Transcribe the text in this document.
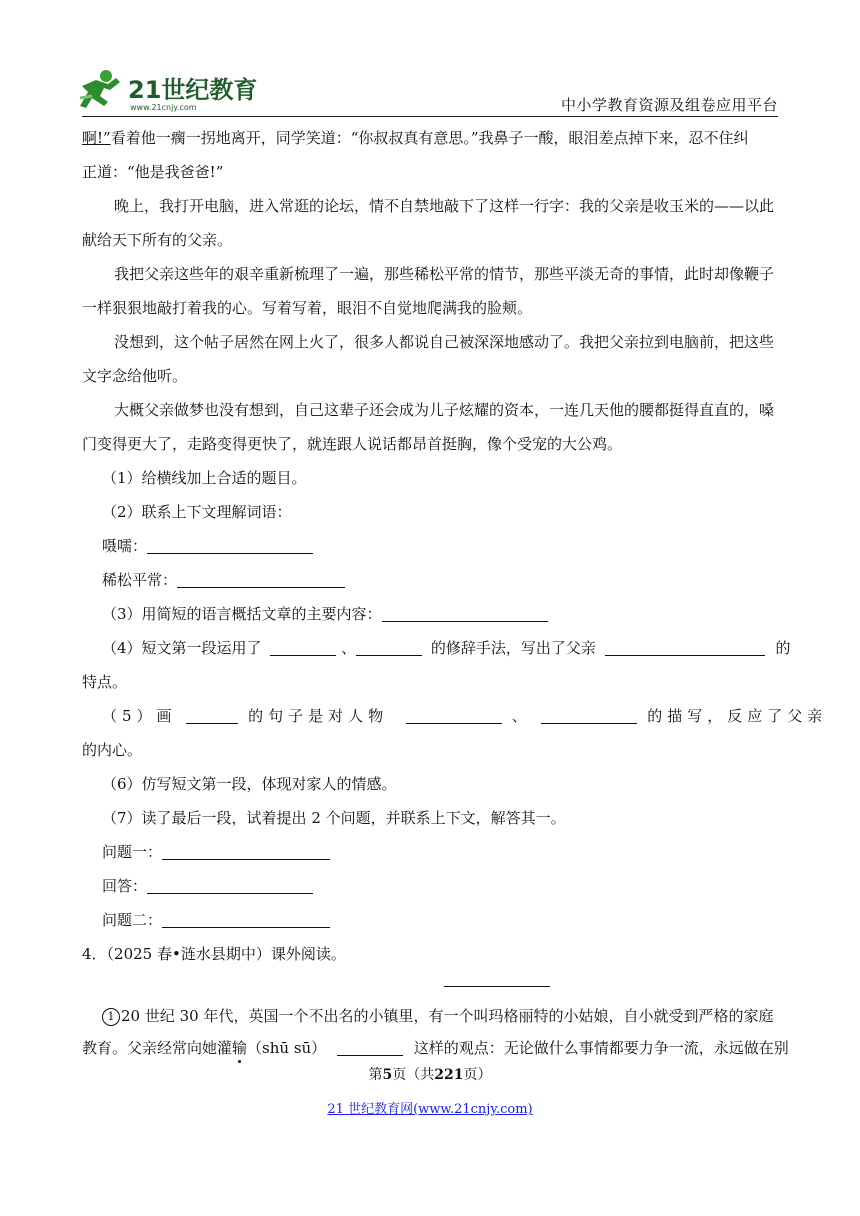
21世纪教育
www.21cnjy.com	中小学教育资源及组卷应用平台
啊!”看着他一瘸一拐地离开，同学笑道：“你叔叔真有意思。”我鼻子一酸，眼泪差点掉下来，忍不住纠
正道：“他是我爸爸!”
晚上，我打开电脑，进入常逛的论坛，情不自禁地敲下了这样一行字：我的父亲是收玉米的——以此
献给天下所有的父亲。
我把父亲这些年的艰辛重新梳理了一遍，那些稀松平常的情节，那些平淡无奇的事情，此时却像鞭子
一样狠狠地敲打着我的心。写着写着，眼泪不自觉地爬满我的脸颊。
没想到，这个帖子居然在网上火了，很多人都说自己被深深地感动了。我把父亲拉到电脑前，把这些
文字念给他听。
大概父亲做梦也没有想到，自己这辈子还会成为儿子炫耀的资本，一连几天他的腰都挺得直直的，嗓
门变得更大了，走路变得更快了，就连跟人说话都昂首挺胸，像个受宠的大公鸡。
（1）给横线加上合适的题目。
（2）联系上下文理解词语：
嗫嚅：
稀松平常：
（3）用简短的语言概括文章的主要内容：
（4）短文第一段运用了	、	的修辞手法，写出了父亲	的
特点。
（5）画	的句子是对人物	、	的描写，反应了父亲
的内心。
（6）仿写短文第一段，体现对家人的情感。
（7）读了最后一段，试着提出 2 个问题，并联系上下文，解答其一。
问题一：
回答：
问题二：
4．（2025 春•涟水县期中）课外阅读。
1 20 世纪 30 年代，英国一个不出名的小镇里，有一个叫玛格丽特的小姑娘，自小就受到严格的家庭
教育。父亲经常向她灌输（shū sū）	这样的观点：无论做什么事情都要力争一流，永远做在别
第5页（共221页）
21 世纪教育网(www.21cnjy.com)
